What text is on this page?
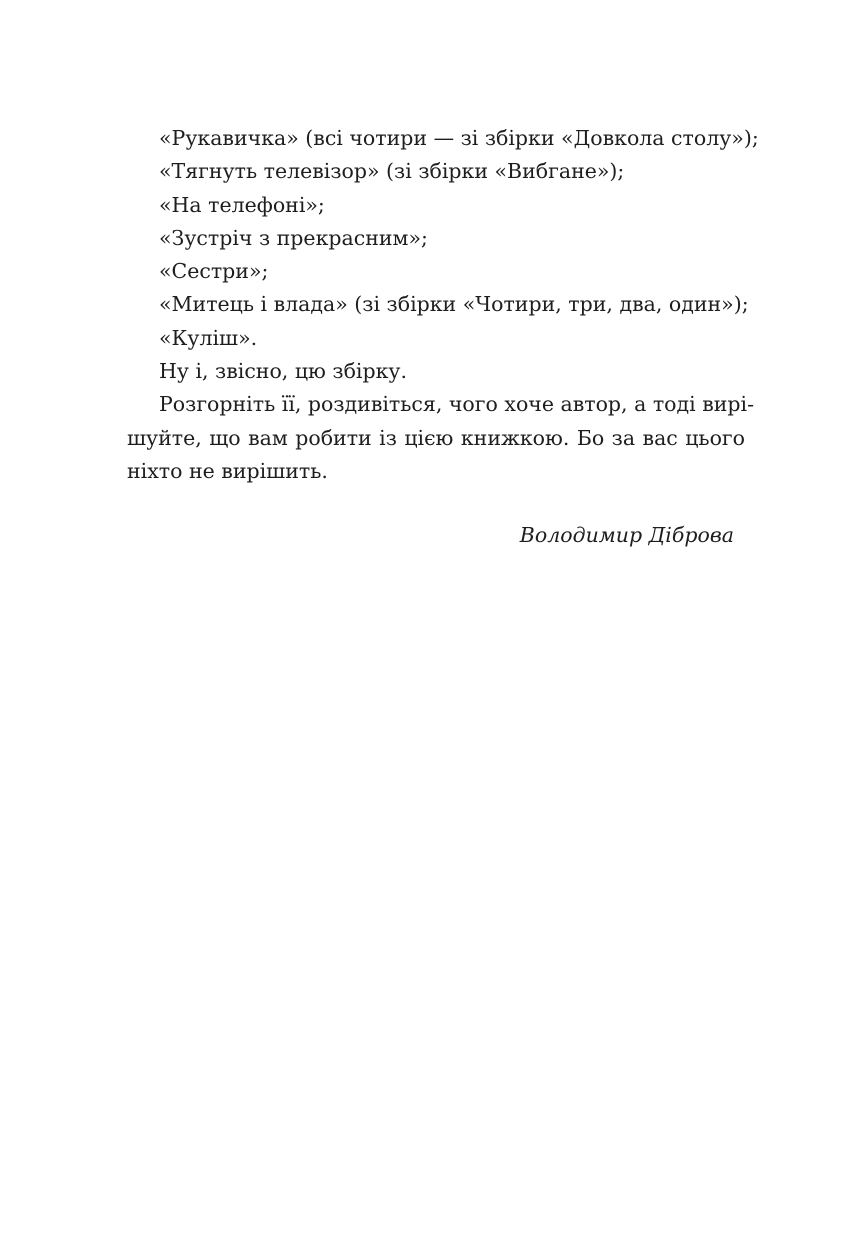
«Рукавичка» (всі чотири — зі збірки «Довкола столу»);
«Тягнуть телевізор» (зі збірки «Вибгане»);
«На телефоні»;
«Зустріч з прекрасним»;
«Сестри»;
«Митець і влада» (зі збірки «Чотири, три, два, один»);
«Куліш».
Ну і, звісно, цю збірку.
Розгорніть її, роздивіться, чого хоче автор, а тоді вирі-
шуйте, що вам робити із цією книжкою. Бо за вас цього
ніхто не вирішить.
Володимир Діброва
